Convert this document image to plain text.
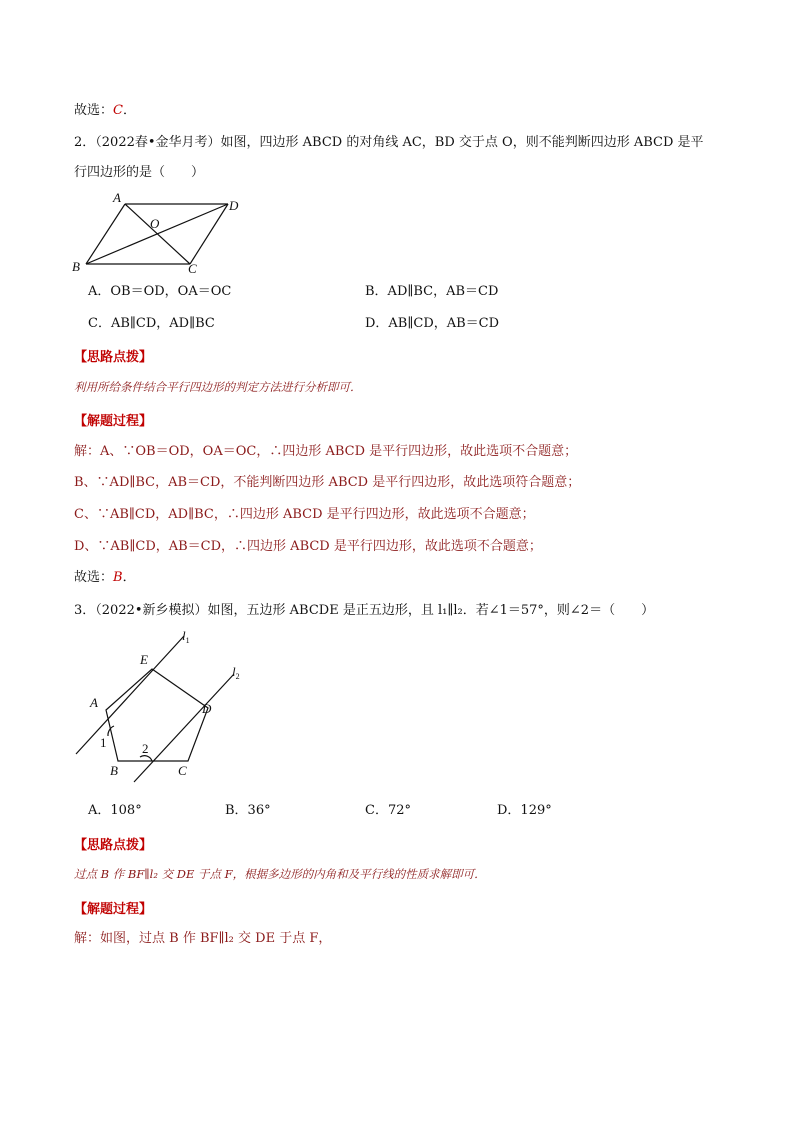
故选：C．
2．（2022春•金华月考）如图，四边形 ABCD 的对角线 AC，BD 交于点 O，则不能判断四边形 ABCD 是平
行四边形的是（　　）
A
D
B	C
O
A．OB＝OD，OA＝OC	B．AD∥BC，AB＝CD
C．AB∥CD，AD∥BC	D．AB∥CD，AB＝CD
【思路点拨】
利用所给条件结合平行四边形的判定方法进行分析即可．
【解题过程】
解：A、∵OB＝OD，OA＝OC，∴四边形 ABCD 是平行四边形，故此选项不合题意；
B、∵AD∥BC，AB＝CD，不能判断四边形 ABCD 是平行四边形，故此选项符合题意；
C、∵AB∥CD，AD∥BC，∴四边形 ABCD 是平行四边形，故此选项不合题意；
D、∵AB∥CD，AB＝CD，∴四边形 ABCD 是平行四边形，故此选项不合题意；
故选：B．
3．（2022•新乡模拟）如图，五边形 ABCDE 是正五边形，且 l₁∥l₂．若∠1＝57°，则∠2＝（　　）
E
A	D
B	C
1	2
$l_1$
$l_2$
A．108°	B．36°	C．72°	D．129°
【思路点拨】
过点 B 作 BF∥l₂ 交 DE 于点 F，根据多边形的内角和及平行线的性质求解即可．
【解题过程】
解：如图，过点 B 作 BF∥l₂ 交 DE 于点 F，
